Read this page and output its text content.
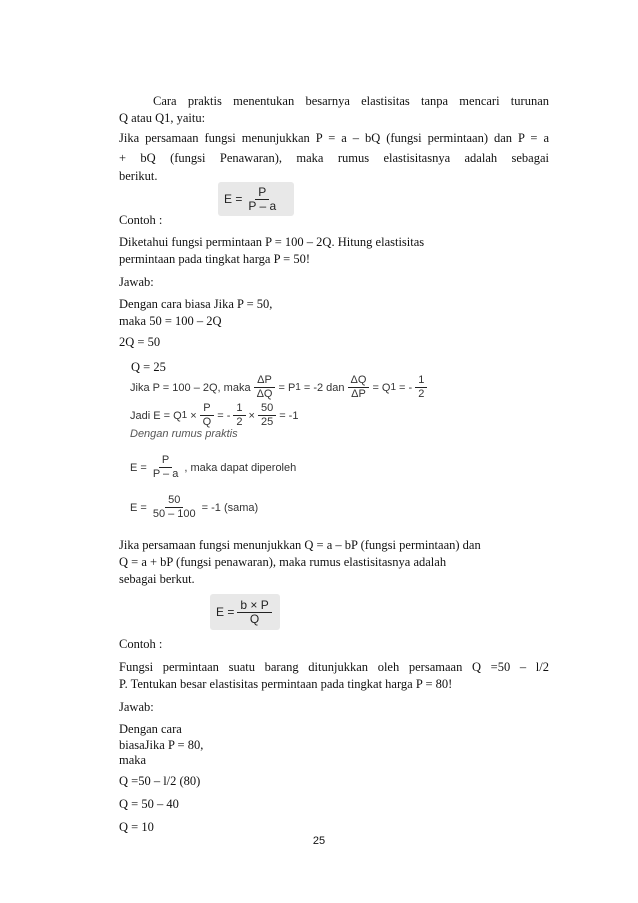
Cara praktis menentukan besarnya elastisitas tanpa mencari turunan
Q atau Q1, yaitu:
Jika persamaan fungsi menunjukkan P = a – bQ (fungsi permintaan) dan P = a
+ bQ (fungsi Penawaran), maka rumus elastisitasnya adalah sebagai
berikut.
$E = \frac{P}{P - a}$
Contoh :
Diketahui fungsi permintaan P = 100 – 2Q. Hitung elastisitas
permintaan pada tingkat harga P = 50!
Jawab:
Dengan cara biasa Jika P = 50,
maka 50 = 100 – 2Q
2Q = 50
Q = 25
Jika P = 100 – 2Q, maka $\frac{\Delta P}{\Delta Q} = P$ 1 = -2 dan $\frac{\Delta Q}{\Delta P} = Q$ 1 = - $\frac{1}{2}$
Jadi E = Q $1 \times \frac{P}{Q}$ = - $\frac{1}{2} \times \frac{50}{25} = -1$
Dengan rumus praktis
$E = \frac{P}{P - a}$ , maka dapat diperoleh
$E = \frac{50}{50 - 100} = -1$ (sama)
Jika persamaan fungsi menunjukkan Q = a – bP (fungsi permintaan) dan
Q = a + bP (fungsi penawaran), maka rumus elastisitasnya adalah
sebagai berkut.
$E = \frac{b \times P}{Q}$
Contoh :
Fungsi permintaan suatu barang ditunjukkan oleh persamaan Q =50 – l/2
P. Tentukan besar elastisitas permintaan pada tingkat harga P = 80!
Jawab:
Dengan cara
biasaJika P = 80,
maka
Q =50 – l/2 (80)
Q = 50 – 40
Q = 10
25
